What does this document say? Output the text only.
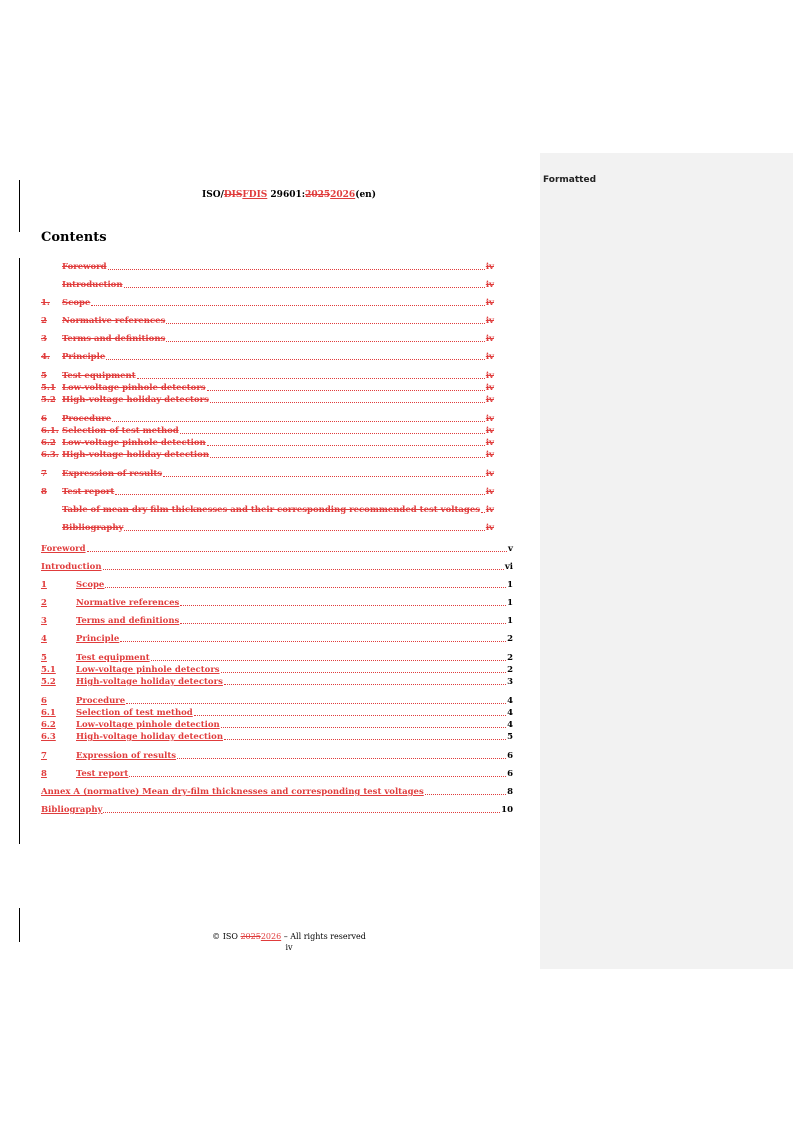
Formatted
ISO/DISFDIS 29601:20252026(en)
Contents
Foreword	iv
Introduction	iv
1.	Scope	iv
2	Normative references	iv
3	Terms and definitions	iv
4.	Principle	iv
5	Test equipment	iv
5.1 Low-voltage pinhole detectors	iv
5.2 High-voltage holiday detectors	iv
6	Procedure	iv
6.1. Selection of test method	iv
6.2 Low-voltage pinhole detection	iv
6.3. High-voltage holiday detection	iv
7	Expression of results	iv
8	Test report	iv
Table of mean dry film thicknesses and their corresponding recommended test voltages iv
Bibliography	iv
Foreword	v
Introduction	vi
1	Scope	1
2	Normative references	1
3	Terms and definitions	1
4	Principle	2
5	Test equipment	2
5.1	Low-voltage pinhole detectors	2
5.2	High-voltage holiday detectors	3
6	Procedure	4
6.1	Selection of test method	4
6.2	Low-voltage pinhole detection	4
6.3	High-voltage holiday detection	5
7	Expression of results	6
8	Test report	6
Annex A (normative) Mean dry-film thicknesses and corresponding test voltages	8
Bibliography	10
© ISO 20252026 – All rights reserved
iv
